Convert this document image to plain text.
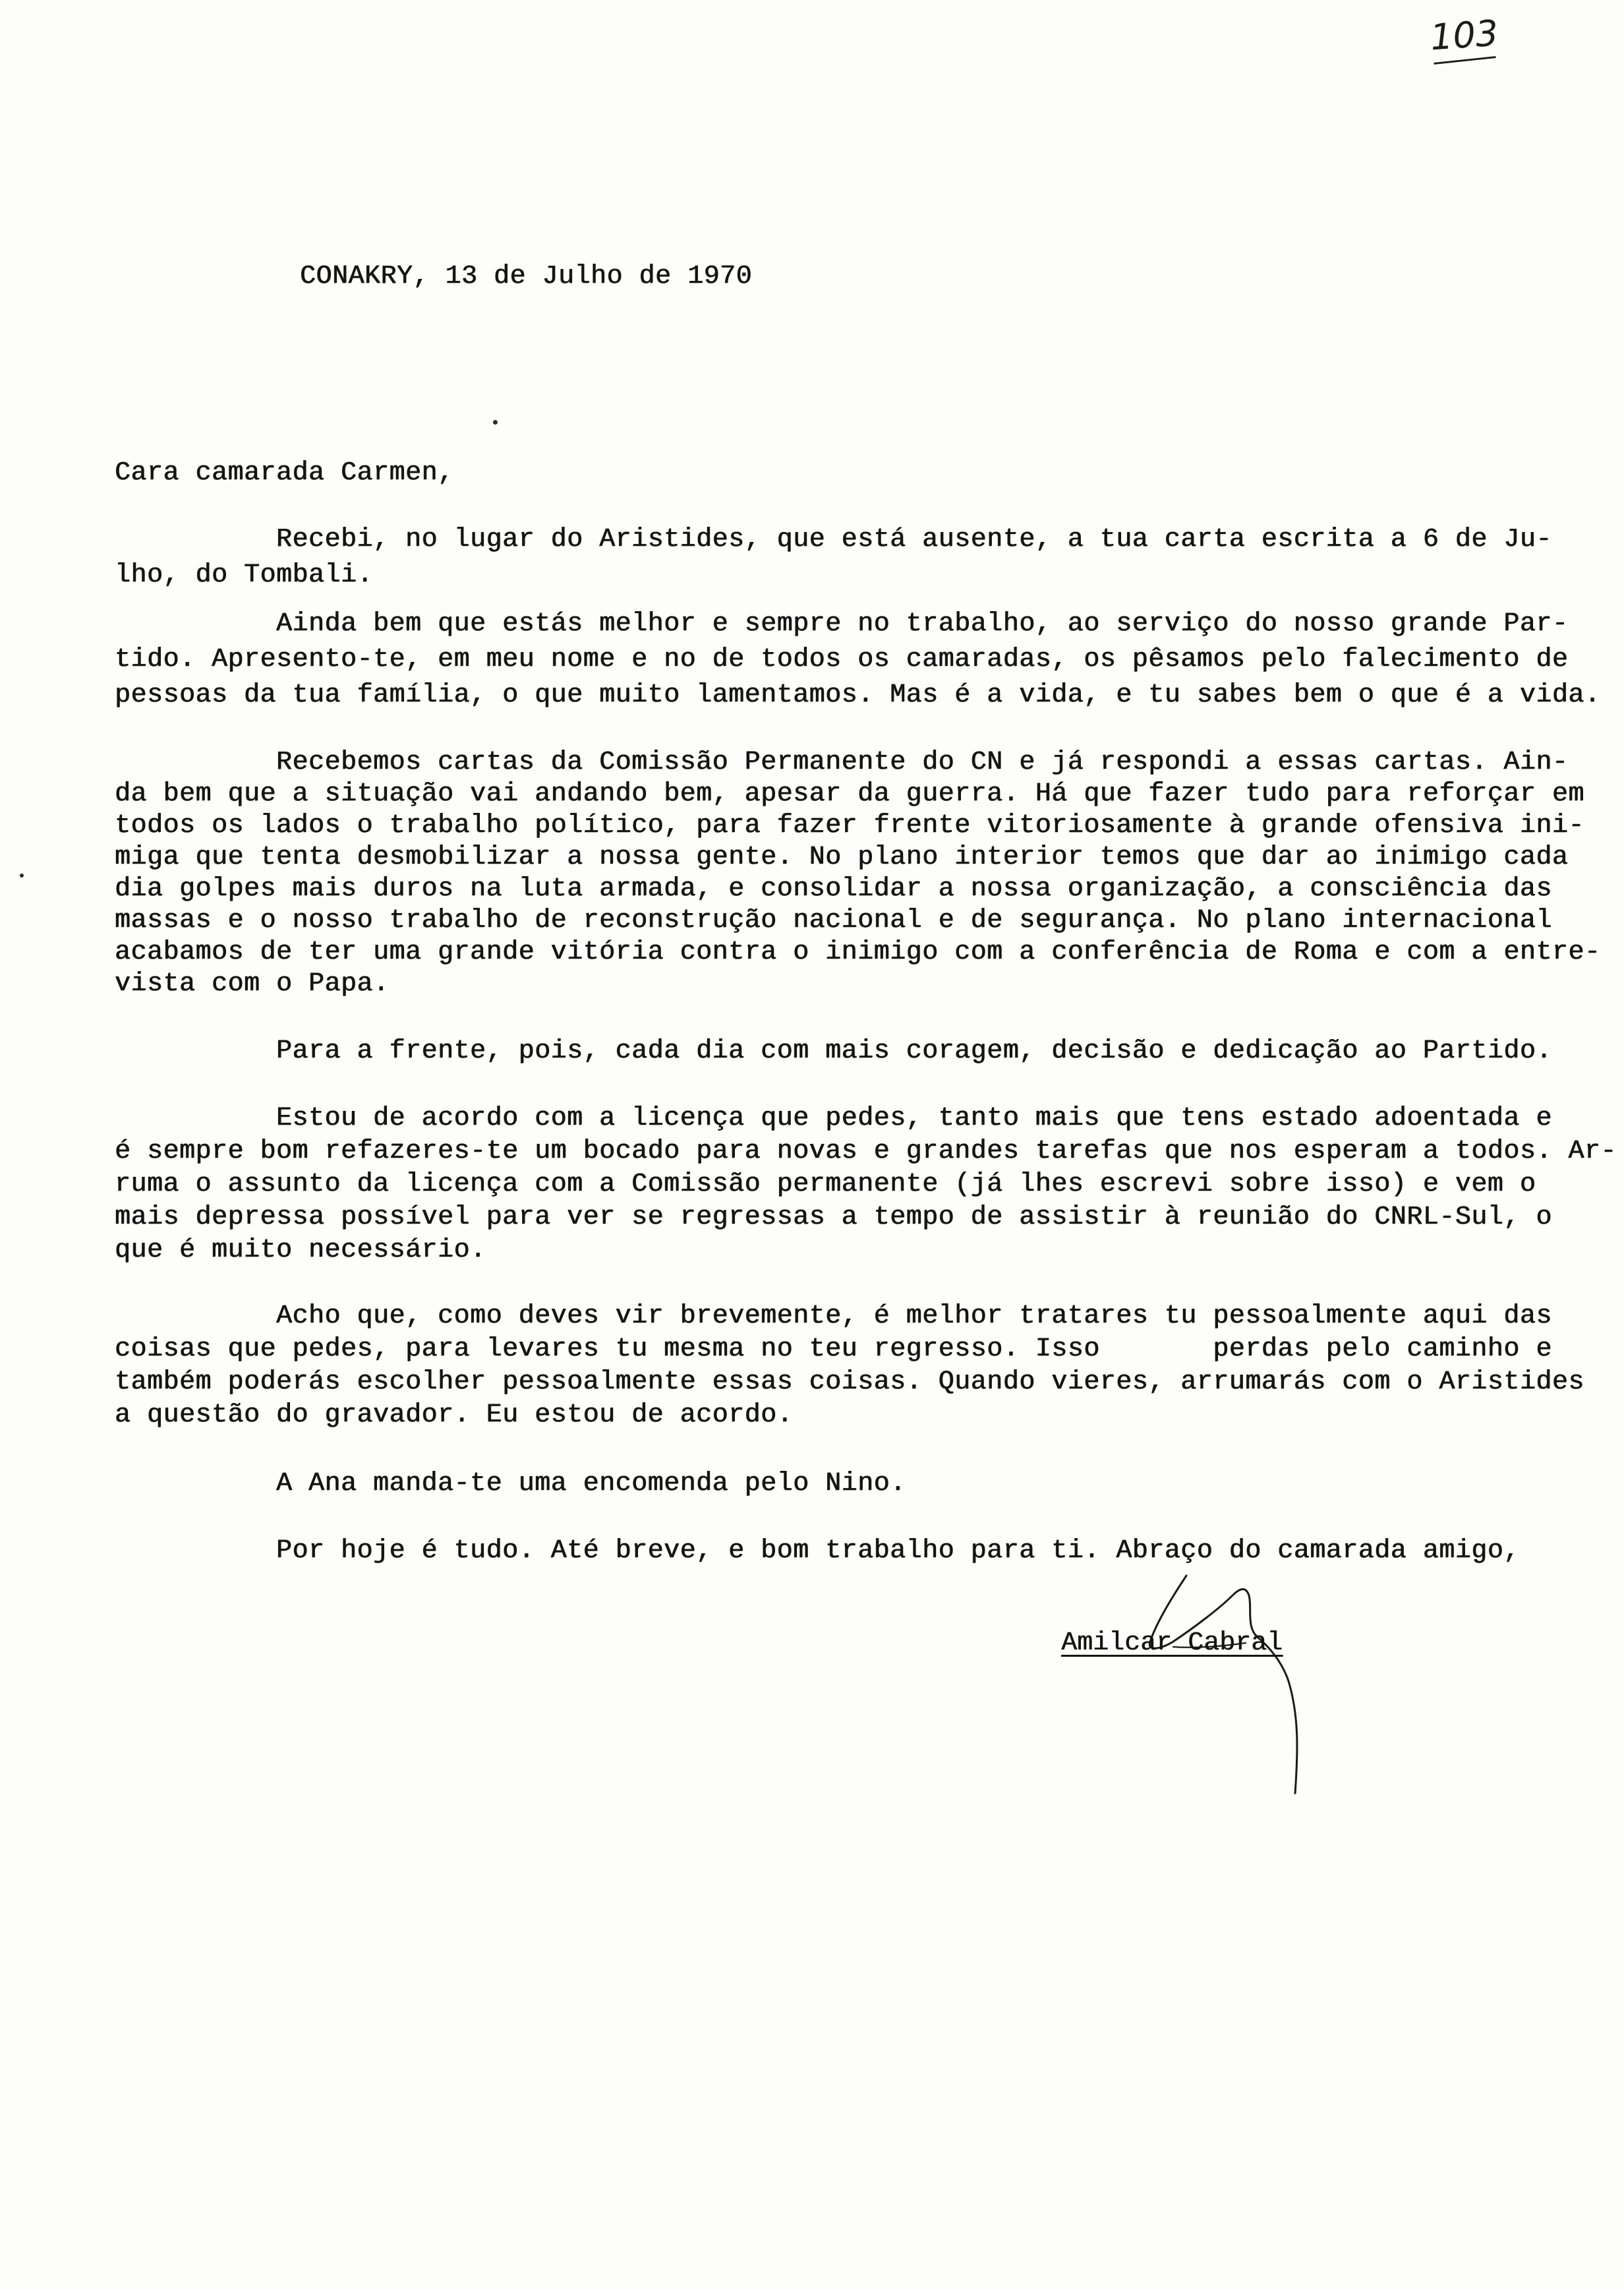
103

CONAKRY, 13 de Julho de 1970

Cara camarada Carmen,

Recebi, no lugar do Aristides, que está ausente, a tua carta escrita a 6 de Ju-

lho, do Tombali.

Ainda bem que estás melhor e sempre no trabalho, ao serviço do nosso grande Par-

tido. Apresento-te, em meu nome e no de todos os camaradas, os pêsamos pelo falecimento de

pessoas da tua família, o que muito lamentamos. Mas é a vida, e tu sabes bem o que é a vida.

Recebemos cartas da Comissão Permanente do CN e já respondi a essas cartas. Ain-

da bem que a situação vai andando bem, apesar da guerra. Há que fazer tudo para reforçar em

todos os lados o trabalho político, para fazer frente vitoriosamente à grande ofensiva ini-

miga que tenta desmobilizar a nossa gente. No plano interior temos que dar ao inimigo cada

dia golpes mais duros na luta armada, e consolidar a nossa organização, a consciência das

massas e o nosso trabalho de reconstrução nacional e de segurança. No plano internacional

acabamos de ter uma grande vitória contra o inimigo com a conferência de Roma e com a entre-

vista com o Papa.

Para a frente, pois, cada dia com mais coragem, decisão e dedicação ao Partido.

Estou de acordo com a licença que pedes, tanto mais que tens estado adoentada e

é sempre bom refazeres-te um bocado para novas e grandes tarefas que nos esperam a todos. Ar-

ruma o assunto da licença com a Comissão permanente (já lhes escrevi sobre isso) e vem o

mais depressa possível para ver se regressas a tempo de assistir à reunião do CNRL-Sul, o

que é muito necessário.

Acho que, como deves vir brevemente, é melhor tratares tu pessoalmente aqui das

coisas que pedes, para levares tu mesma no teu regresso. Isso       perdas pelo caminho e

também poderás escolher pessoalmente essas coisas. Quando vieres, arrumarás com o Aristides

a questão do gravador. Eu estou de acordo.

A Ana manda-te uma encomenda pelo Nino.

Por hoje é tudo. Até breve, e bom trabalho para ti. Abraço do camarada amigo,

Amilcar Cabral
